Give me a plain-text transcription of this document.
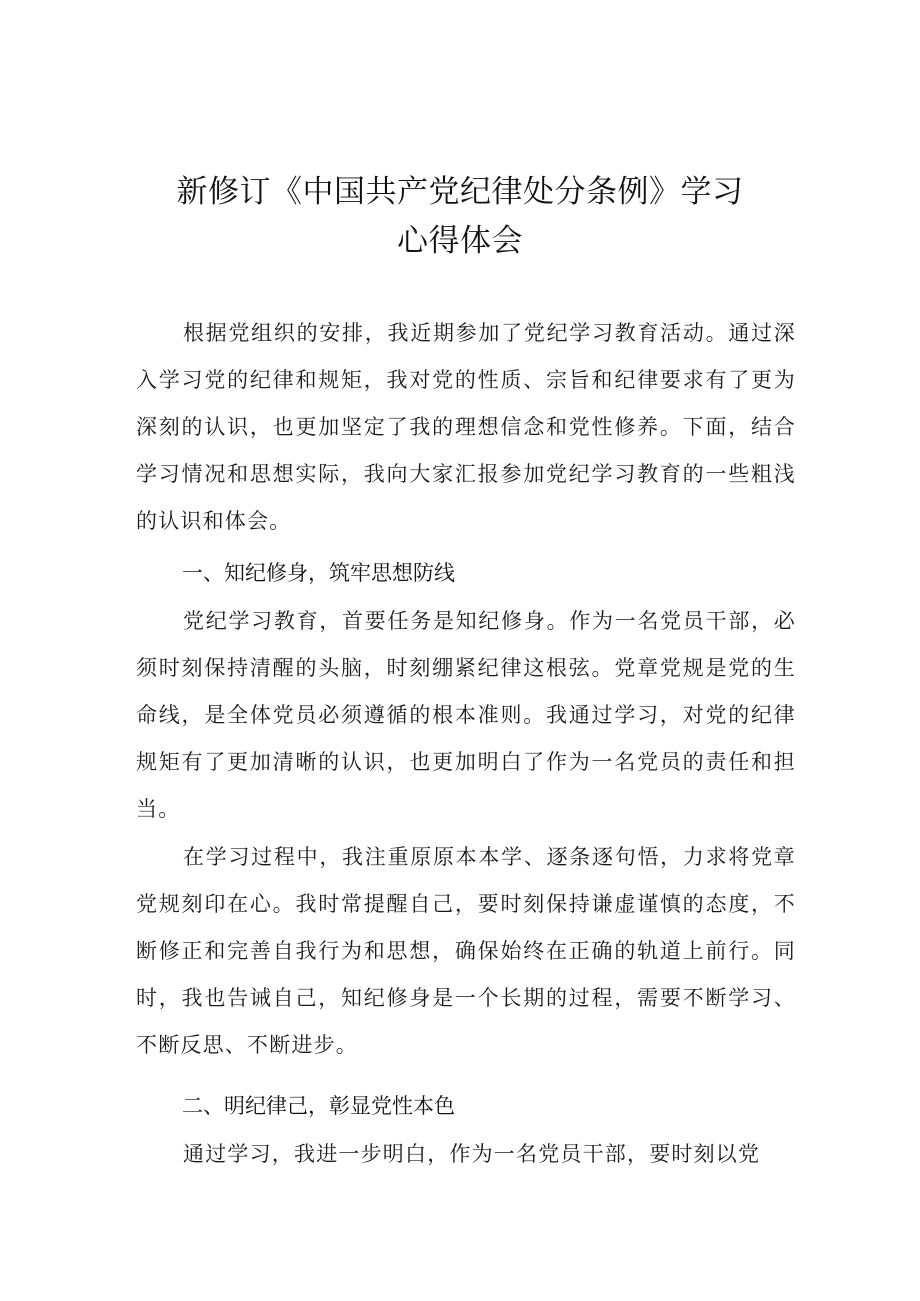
新修订《中国共产党纪律处分条例》学习
心得体会

根据党组织的安排，我近期参加了党纪学习教育活动。通过深入学习党的纪律和规矩，我对党的性质、宗旨和纪律要求有了更为深刻的认识，也更加坚定了我的理想信念和党性修养。下面，结合学习情况和思想实际，我向大家汇报参加党纪学习教育的一些粗浅的认识和体会。

一、知纪修身，筑牢思想防线

党纪学习教育，首要任务是知纪修身。作为一名党员干部，必须时刻保持清醒的头脑，时刻绷紧纪律这根弦。党章党规是党的生命线，是全体党员必须遵循的根本准则。我通过学习，对党的纪律规矩有了更加清晰的认识，也更加明白了作为一名党员的责任和担当。

在学习过程中，我注重原原本本学、逐条逐句悟，力求将党章党规刻印在心。我时常提醒自己，要时刻保持谦虚谨慎的态度，不断修正和完善自我行为和思想，确保始终在正确的轨道上前行。同时，我也告诫自己，知纪修身是一个长期的过程，需要不断学习、不断反思、不断进步。

二、明纪律己，彰显党性本色

通过学习，我进一步明白，作为一名党员干部，要时刻以党
